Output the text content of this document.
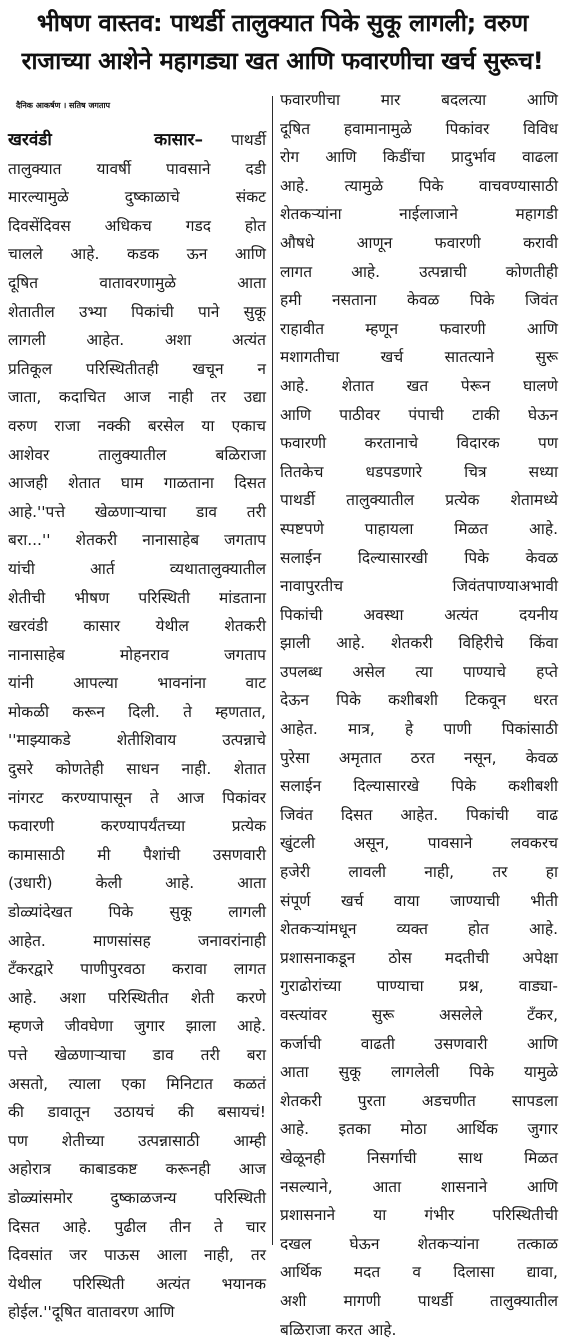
भीषण वास्तव: पाथर्डी तालुक्यात पिके सुकू लागली; वरुण
राजाच्या आशेने महागड्या खत आणि फवारणीचा खर्च सुरूच!
दैनिक आकर्षण । सतिष जगताप
खरवंडी कासार– पाथर्डी
तालुक्यात यावर्षी पावसाने दडी
मारल्यामुळे दुष्काळाचे संकट
दिवसेंदिवस अधिकच गडद होत
चालले आहे. कडक ऊन आणि
दूषित वातावरणामुळे आता
शेतातील उभ्या पिकांची पाने सुकू
लागली आहेत. अशा अत्यंत
प्रतिकूल परिस्थितीतही खचून न
जाता, कदाचित आज नाही तर उद्या
वरुण राजा नक्की बरसेल या एकाच
आशेवर तालुक्यातील बळिराजा
आजही शेतात घाम गाळताना दिसत
आहे.''पत्ते खेळणाऱ्याचा डाव तरी
बरा...'' शेतकरी नानासाहेब जगताप
यांची आर्त व्यथातालुक्यातील
शेतीची भीषण परिस्थिती मांडताना
खरवंडी कासार येथील शेतकरी
नानासाहेब मोहनराव जगताप
यांनी आपल्या भावनांना वाट
मोकळी करून दिली. ते म्हणतात,
''माझ्याकडे शेतीशिवाय उत्पन्नाचे
दुसरे कोणतेही साधन नाही. शेतात
नांगरट करण्यापासून ते आज पिकांवर
फवारणी करण्यापर्यंतच्या प्रत्येक
कामासाठी मी पैशांची उसणवारी
(उधारी) केली आहे. आता
डोळ्यांदेखत पिके सुकू लागली
आहेत. माणसांसह जनावरांनाही
टँकरद्वारे पाणीपुरवठा करावा लागत
आहे. अशा परिस्थितीत शेती करणे
म्हणजे जीवघेणा जुगार झाला आहे.
पत्ते खेळणाऱ्याचा डाव तरी बरा
असतो, त्याला एका मिनिटात कळतं
की डावातून उठायचं की बसायचं!
पण शेतीच्या उत्पन्नासाठी आम्ही
अहोरात्र काबाडकष्ट करूनही आज
डोळ्यांसमोर दुष्काळजन्य परिस्थिती
दिसत आहे. पुढील तीन ते चार
दिवसांत जर पाऊस आला नाही, तर
येथील परिस्थिती अत्यंत भयानक
होईल.''दूषित वातावरण आणि
फवारणीचा मार बदलत्या आणि
दूषित हवामानामुळे पिकांवर विविध
रोग आणि किडींचा प्रादुर्भाव वाढला
आहे. त्यामुळे पिके वाचवण्यासाठी
शेतकऱ्यांना नाईलाजाने महागडी
औषधे आणून फवारणी करावी
लागत आहे. उत्पन्नाची कोणतीही
हमी नसताना केवळ पिके जिवंत
राहावीत म्हणून फवारणी आणि
मशागतीचा खर्च सातत्याने सुरू
आहे. शेतात खत पेरून घालणे
आणि पाठीवर पंपाची टाकी घेऊन
फवारणी करतानाचे विदारक पण
तितकेच धडपडणारे चित्र सध्या
पाथर्डी तालुक्यातील प्रत्येक शेतामध्ये
स्पष्टपणे पाहायला मिळत आहे.
सलाईन दिल्यासारखी पिके केवळ
नावापुरतीच जिवंतपाण्याअभावी
पिकांची अवस्था अत्यंत दयनीय
झाली आहे. शेतकरी विहिरीचे किंवा
उपलब्ध असेल त्या पाण्याचे हप्ते
देऊन पिके कशीबशी टिकवून धरत
आहेत. मात्र, हे पाणी पिकांसाठी
पुरेसा अमृतात ठरत नसून, केवळ
सलाईन दिल्यासारखे पिके कशीबशी
जिवंत दिसत आहेत. पिकांची वाढ
खुंटली असून, पावसाने लवकरच
हजेरी लावली नाही, तर हा
संपूर्ण खर्च वाया जाण्याची भीती
शेतकऱ्यांमधून व्यक्त होत आहे.
प्रशासनाकडून ठोस मदतीची अपेक्षा
गुराढोरांच्या पाण्याचा प्रश्न, वाड्या-
वस्त्यांवर सुरू असलेले टँकर,
कर्जाची वाढती उसणवारी आणि
आता सुकू लागलेली पिके यामुळे
शेतकरी पुरता अडचणीत सापडला
आहे. इतका मोठा आर्थिक जुगार
खेळूनही निसर्गाची साथ मिळत
नसल्याने, आता शासनाने आणि
प्रशासनाने या गंभीर परिस्थितीची
दखल घेऊन शेतकऱ्यांना तत्काळ
आर्थिक मदत व दिलासा द्यावा,
अशी मागणी पाथर्डी तालुक्यातील
बळिराजा करत आहे.
